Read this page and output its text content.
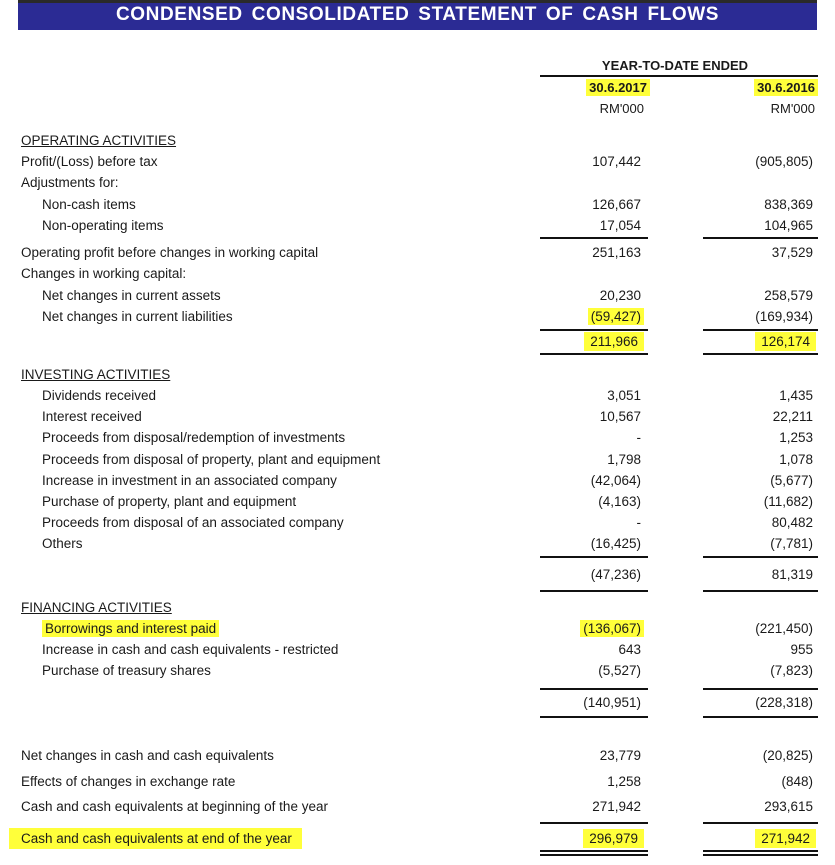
CONDENSED CONSOLIDATED STATEMENT OF CASH FLOWS
YEAR-TO-DATE ENDED
30.6.2017	30.6.2016
RM'000	RM'000
OPERATING ACTIVITIES
Profit/(Loss) before tax	107,442	(905,805)
Adjustments for:
Non-cash items	126,667	838,369
Non-operating items	17,054	104,965
Operating profit before changes in working capital	251,163	37,529
Changes in working capital:
Net changes in current assets	20,230	258,579
Net changes in current liabilities	(59,427)	(169,934)
211,966	126,174
INVESTING ACTIVITIES
Dividends received	3,051	1,435
Interest received	10,567	22,211
Proceeds from disposal/redemption of investments	-	1,253
Proceeds from disposal of property, plant and equipment	1,798	1,078
Increase in investment in an associated company	(42,064)	(5,677)
Purchase of property, plant and equipment	(4,163)	(11,682)
Proceeds from disposal of an associated company	-	80,482
Others	(16,425)	(7,781)
(47,236)	81,319
FINANCING ACTIVITIES
Borrowings and interest paid	(136,067)	(221,450)
Increase in cash and cash equivalents - restricted	643	955
Purchase of treasury shares	(5,527)	(7,823)
(140,951)	(228,318)
Net changes in cash and cash equivalents	23,779	(20,825)
Effects of changes in exchange rate	1,258	(848)
Cash and cash equivalents at beginning of the year	271,942	293,615
Cash and cash equivalents at end of the year	296,979	271,942
